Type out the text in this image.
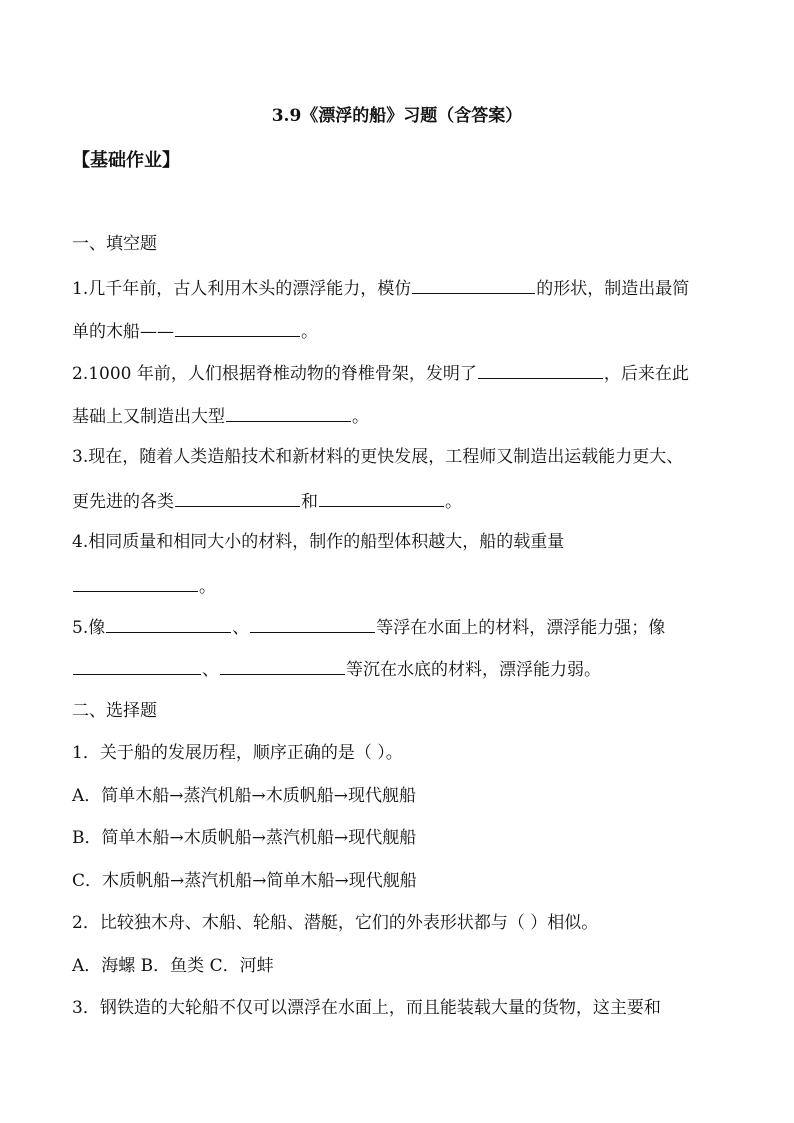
3.9《漂浮的船》习题（含答案）
【基础作业】
一、填空题
1.几千年前，古人利用木头的漂浮能力，模仿	的形状，制造出最简
单的木船——	。
2.1000 年前，人们根据脊椎动物的脊椎骨架，发明了	，后来在此
基础上又制造出大型	。
3.现在，随着人类造船技术和新材料的更快发展，工程师又制造出运载能力更大、
更先进的各类	和	。
4.相同质量和相同大小的材料，制作的船型体积越大，船的载重量
。
5.像	、	等浮在水面上的材料，漂浮能力强；像
、	等沉在水底的材料，漂浮能力弱。
二、选择题
1．关于船的发展历程，顺序正确的是（ ）。
A．简单木船→蒸汽机船→木质帆船→现代舰船
B．简单木船→木质帆船→蒸汽机船→现代舰船
C．木质帆船→蒸汽机船→简单木船→现代舰船
2．比较独木舟、木船、轮船、潜艇，它们的外表形状都与（ ）相似。
A．海螺 B．鱼类 C．河蚌
3．钢铁造的大轮船不仅可以漂浮在水面上，而且能装载大量的货物，这主要和
